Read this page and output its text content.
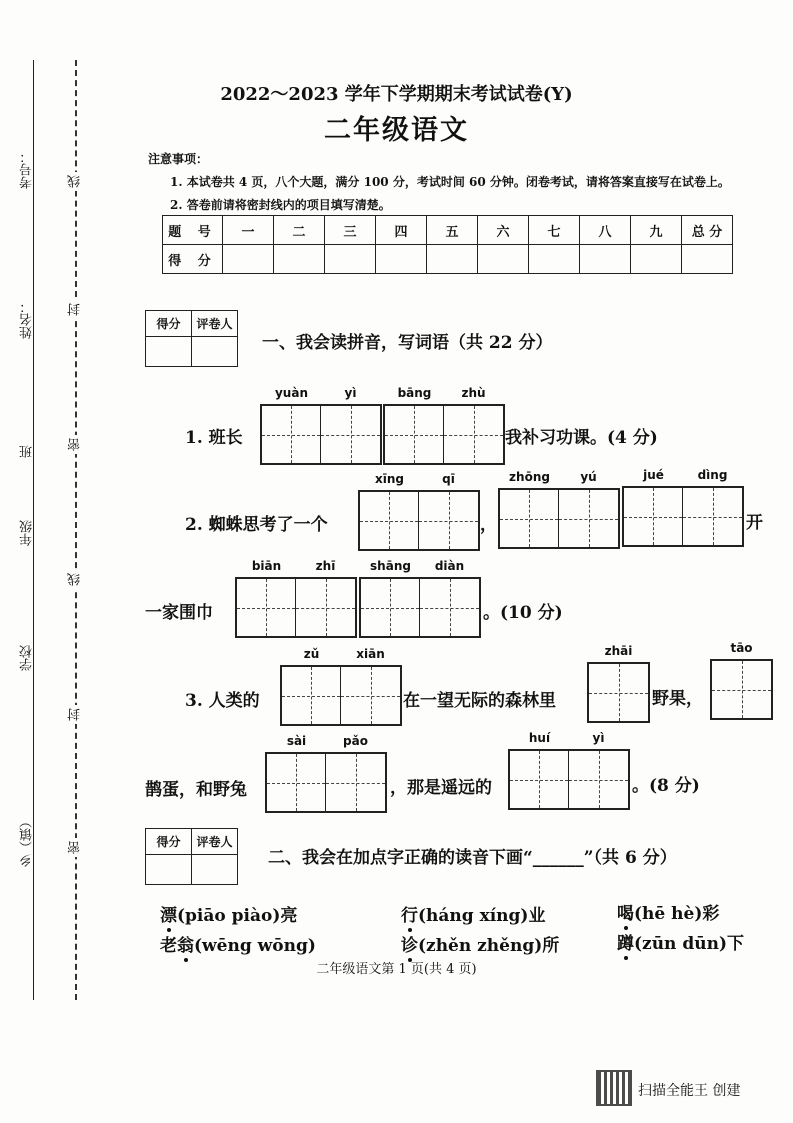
考号：
姓名：
班
年级
学校
乡（镇）
线
封
密
线
封
密
2022～2023 学年下学期期末考试试卷(Y)
二年级语文
注意事项：
1. 本试卷共 4 页，八个大题，满分 100 分，考试时间 60 分钟。闭卷考试，请将答案直接写在试卷上。
2. 答卷前请将密封线内的项目填写清楚。
题 号	一	二	三	四	五	六	七	八	九	总 分
得 分										
得分	评卷人

一、我会读拼音，写词语（共 22 分）
1. 班长
yuàn	yì	bāng	zhù
我补习功课。(4 分)
2. 蜘蛛思考了一个
xīng	qī	zhōng	yú	jué	dìng
，	开
一家围巾
biān	zhī	shāng	diàn
。(10 分)
3. 人类的
zǔ	xiān
在一望无际的森林里
zhāi
野果，
tāo
鹊蛋，和野兔
sài	pǎo
，那是遥远的
huí	yì
。(8 分)
得分	评卷人

二、我会在加点字正确的读音下画“______”（共 6 分）
漂(piāo piào)亮	行(háng xíng)业	喝(hē hè)彩
老翁(wēng wōng)	诊(zhěn zhěng)所	蹲(zūn dūn)下
二年级语文第 1 页(共 4 页)
扫描全能王 创建
